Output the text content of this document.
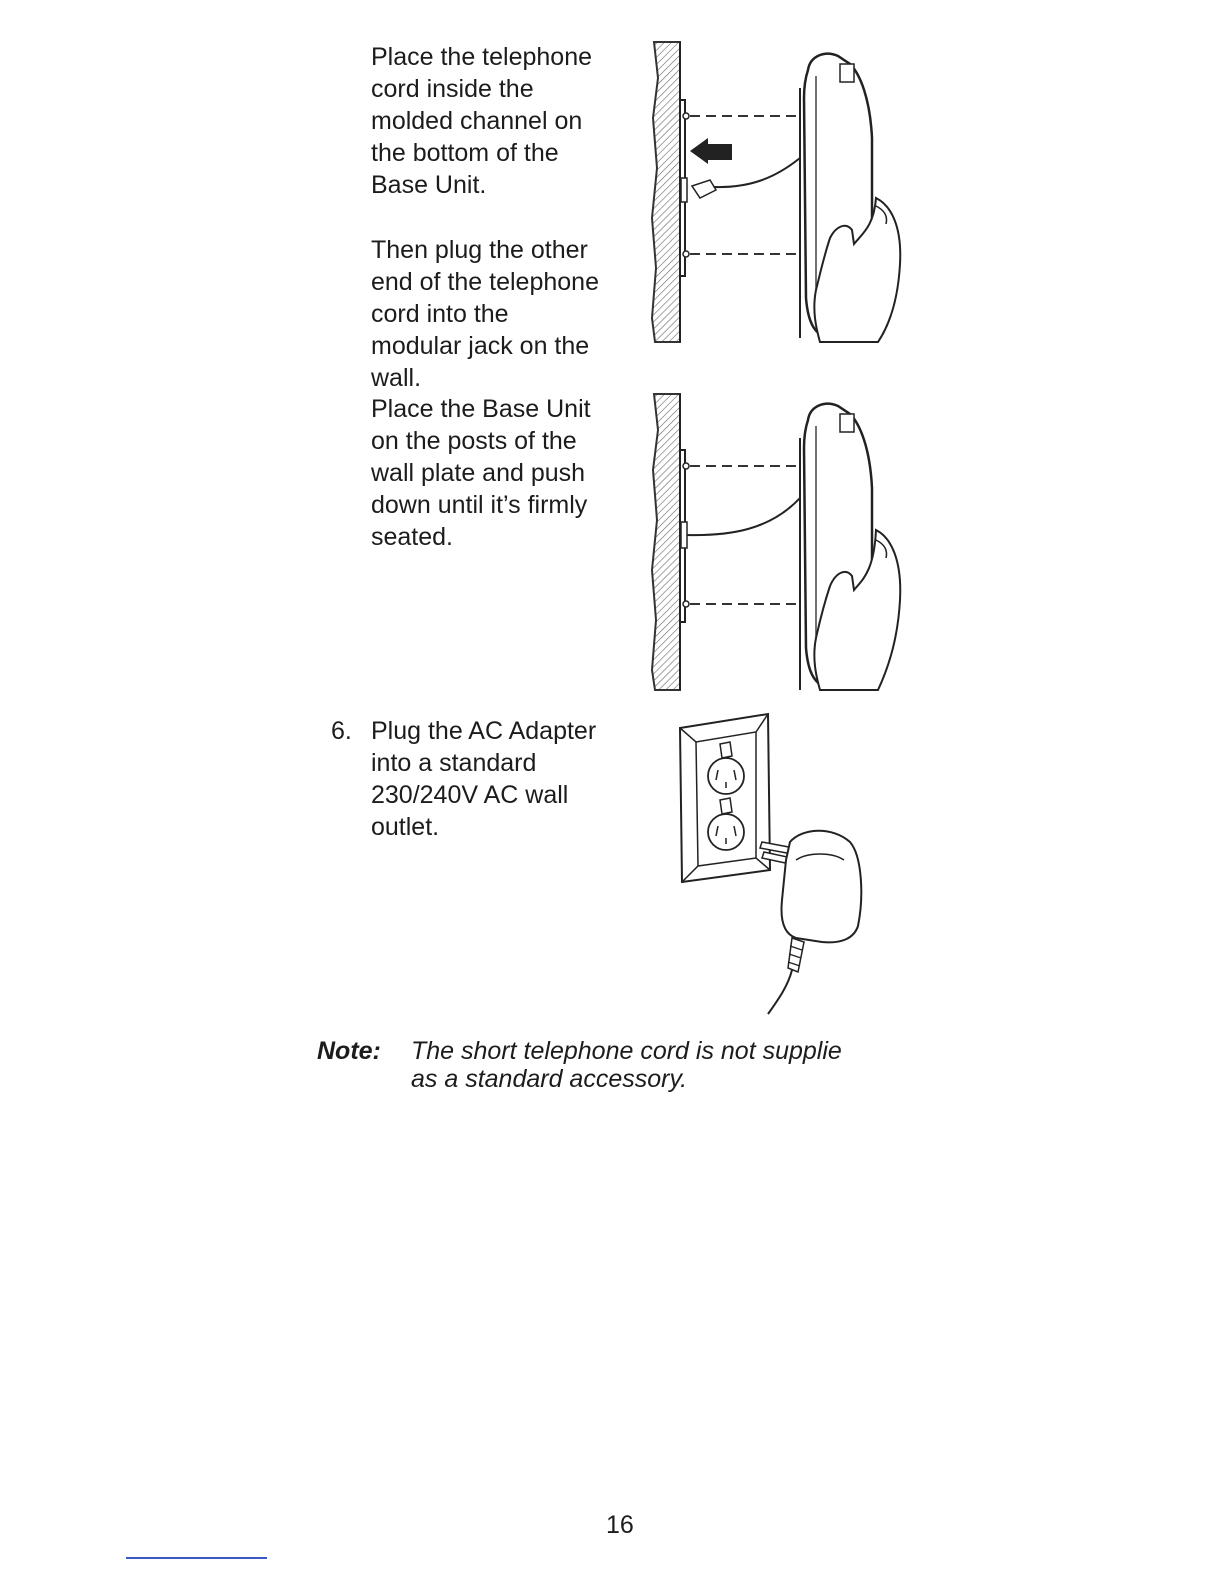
Place the telephone
cord inside the
molded channel on
the bottom of the
Base Unit.

Then plug the other
end of the telephone
cord into the
modular jack on the
wall.

Place the Base Unit
on the posts of the
wall plate and push
down until it’s firmly
seated.

6. Plug the AC Adapter
into a standard
230/240V AC wall
outlet.

Note: The short telephone cord is not supplie
as a standard accessory.
16
